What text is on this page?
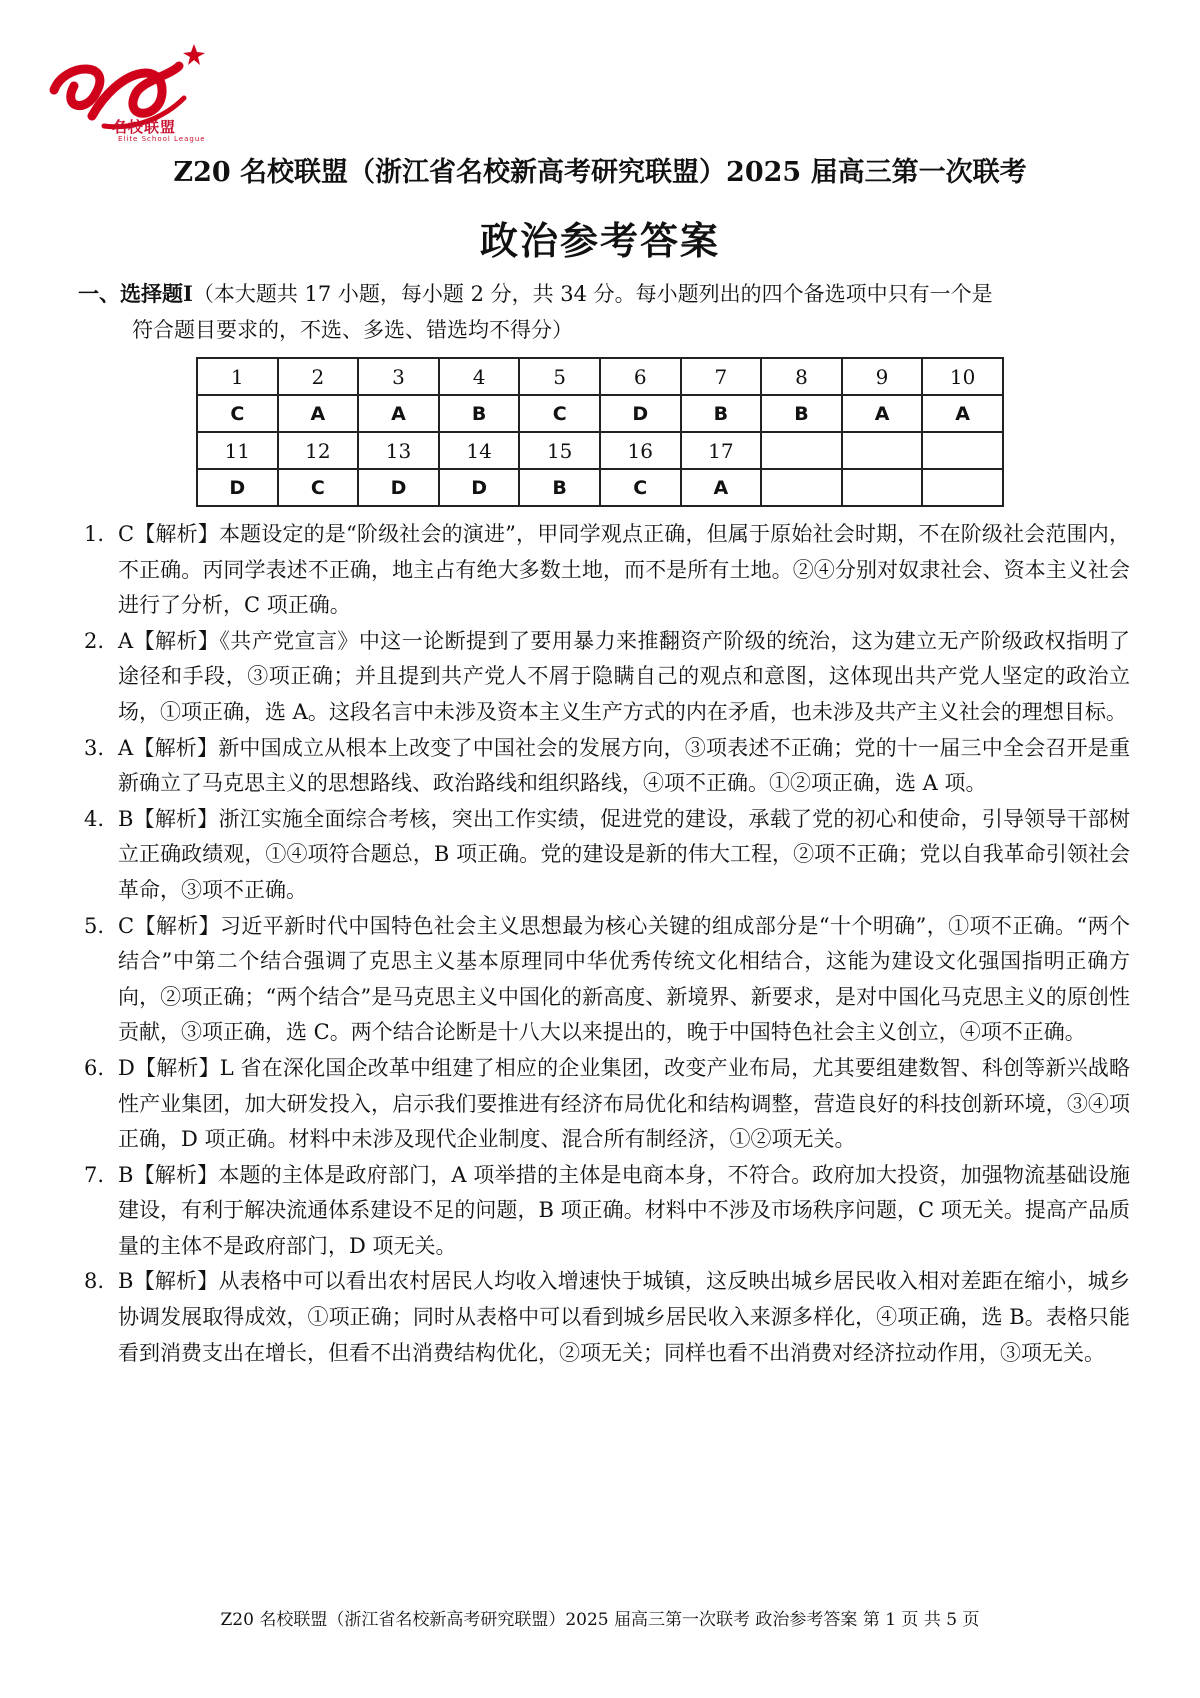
名校联盟
Elite School League
Z20 名校联盟（浙江省名校新高考研究联盟）2025 届高三第一次联考
政治参考答案
一、选择题Ⅰ（本大题共 17 小题，每小题 2 分，共 34 分。每小题列出的四个备选项中只有一个是
符合题目要求的，不选、多选、错选均不得分）
1	2	3	4	5	6	7	8	9	10
C	A	A	B	C	D	B	B	A	A
11	12	13	14	15	16	17			
D	C	D	D	B	C	A			
1. C【解析】本题设定的是“阶级社会的演进”，甲同学观点正确，但属于原始社会时期，不在阶级社会范围内，不正确。丙同学表述不正确，地主占有绝大多数土地，而不是所有土地。②④分别对奴隶社会、资本主义社会进行了分析，C 项正确。
2. A【解析】《共产党宣言》中这一论断提到了要用暴力来推翻资产阶级的统治，这为建立无产阶级政权指明了途径和手段，③项正确；并且提到共产党人不屑于隐瞒自己的观点和意图，这体现出共产党人坚定的政治立场，①项正确，选 A。这段名言中未涉及资本主义生产方式的内在矛盾，也未涉及共产主义社会的理想目标。
3. A【解析】新中国成立从根本上改变了中国社会的发展方向，③项表述不正确；党的十一届三中全会召开是重新确立了马克思主义的思想路线、政治路线和组织路线，④项不正确。①②项正确，选 A 项。
4. B【解析】浙江实施全面综合考核，突出工作实绩，促进党的建设，承载了党的初心和使命，引导领导干部树立正确政绩观，①④项符合题总，B 项正确。党的建设是新的伟大工程，②项不正确；党以自我革命引领社会革命，③项不正确。
5. C【解析】习近平新时代中国特色社会主义思想最为核心关键的组成部分是“十个明确”，①项不正确。“两个结合”中第二个结合强调了克思主义基本原理同中华优秀传统文化相结合，这能为建设文化强国指明正确方向，②项正确；“两个结合”是马克思主义中国化的新高度、新境界、新要求，是对中国化马克思主义的原创性贡献，③项正确，选 C。两个结合论断是十八大以来提出的，晚于中国特色社会主义创立，④项不正确。
6. D【解析】L 省在深化国企改革中组建了相应的企业集团，改变产业布局，尤其要组建数智、科创等新兴战略性产业集团，加大研发投入，启示我们要推进有经济布局优化和结构调整，营造良好的科技创新环境，③④项正确，D 项正确。材料中未涉及现代企业制度、混合所有制经济，①②项无关。
7. B【解析】本题的主体是政府部门，A 项举措的主体是电商本身，不符合。政府加大投资，加强物流基础设施建设，有利于解决流通体系建设不足的问题，B 项正确。材料中不涉及市场秩序问题，C 项无关。提高产品质量的主体不是政府部门，D 项无关。
8. B【解析】从表格中可以看出农村居民人均收入增速快于城镇，这反映出城乡居民收入相对差距在缩小，城乡协调发展取得成效，①项正确；同时从表格中可以看到城乡居民收入来源多样化，④项正确，选 B。表格只能看到消费支出在增长，但看不出消费结构优化，②项无关；同样也看不出消费对经济拉动作用，③项无关。
Z20 名校联盟（浙江省名校新高考研究联盟）2025 届高三第一次联考 政治参考答案 第 1 页 共 5 页
